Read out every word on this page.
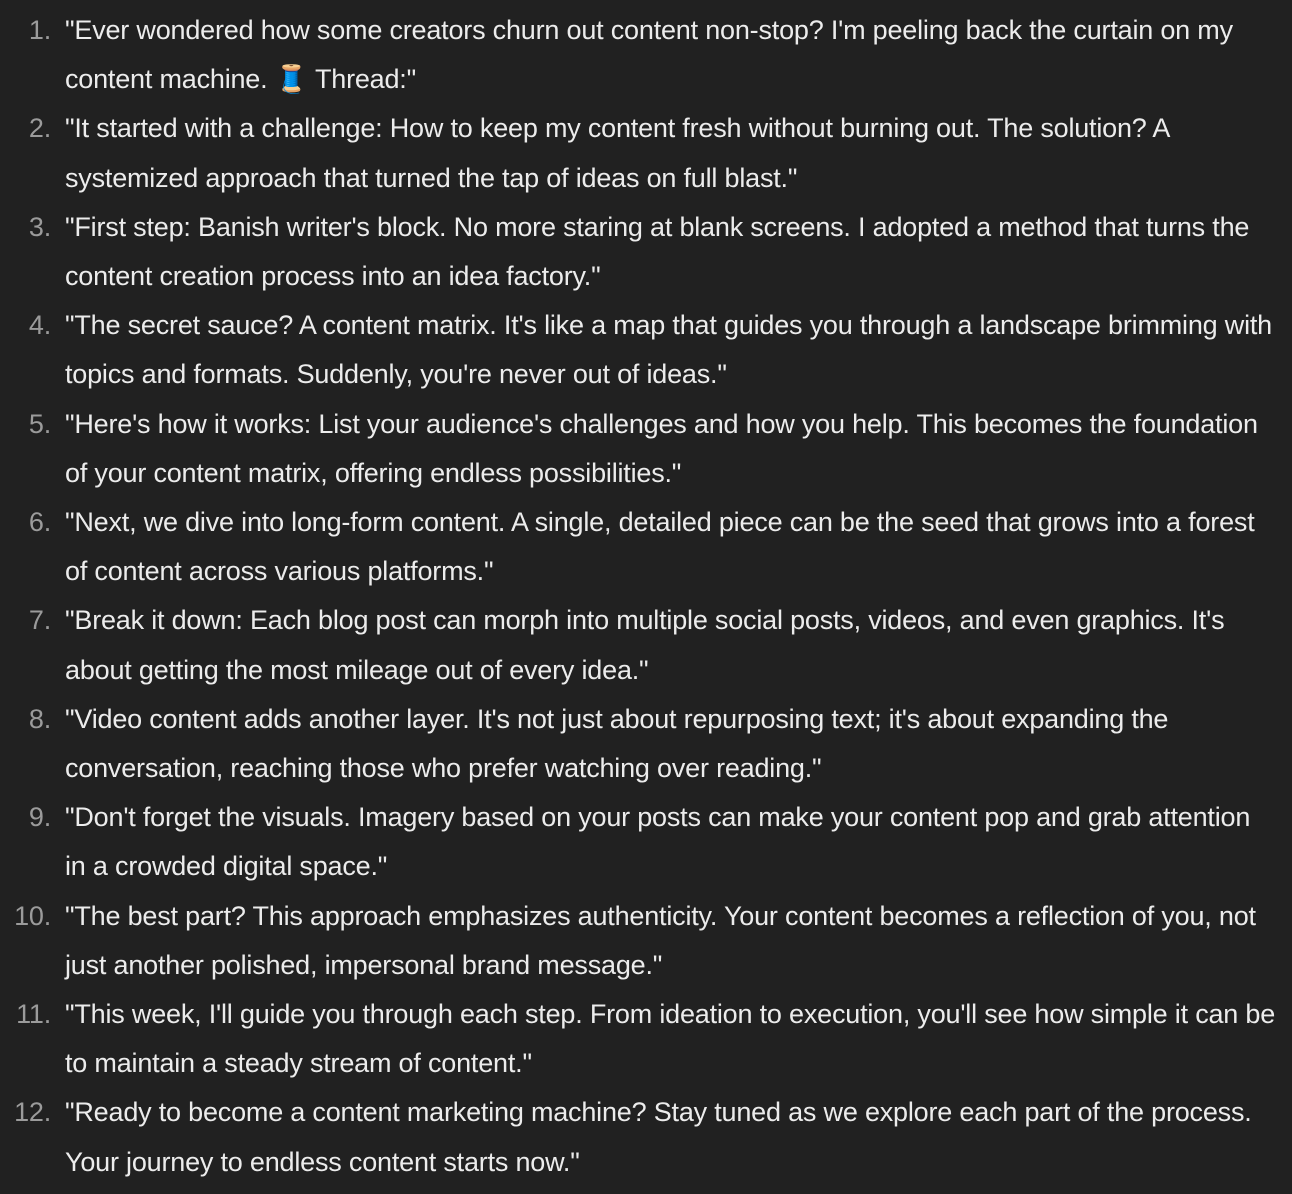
1. "Ever wondered how some creators churn out content non-stop? I'm peeling back the curtain on my content machine. 🧵 Thread:"
2. "It started with a challenge: How to keep my content fresh without burning out. The solution? A systemized approach that turned the tap of ideas on full blast."
3. "First step: Banish writer's block. No more staring at blank screens. I adopted a method that turns the content creation process into an idea factory."
4. "The secret sauce? A content matrix. It's like a map that guides you through a landscape brimming with topics and formats. Suddenly, you're never out of ideas."
5. "Here's how it works: List your audience's challenges and how you help. This becomes the foundation of your content matrix, offering endless possibilities."
6. "Next, we dive into long-form content. A single, detailed piece can be the seed that grows into a forest of content across various platforms."
7. "Break it down: Each blog post can morph into multiple social posts, videos, and even graphics. It's about getting the most mileage out of every idea."
8. "Video content adds another layer. It's not just about repurposing text; it's about expanding the conversation, reaching those who prefer watching over reading."
9. "Don't forget the visuals. Imagery based on your posts can make your content pop and grab attention in a crowded digital space."
10. "The best part? This approach emphasizes authenticity. Your content becomes a reflection of you, not just another polished, impersonal brand message."
11. "This week, I'll guide you through each step. From ideation to execution, you'll see how simple it can be to maintain a steady stream of content."
12. "Ready to become a content marketing machine? Stay tuned as we explore each part of the process. Your journey to endless content starts now."
